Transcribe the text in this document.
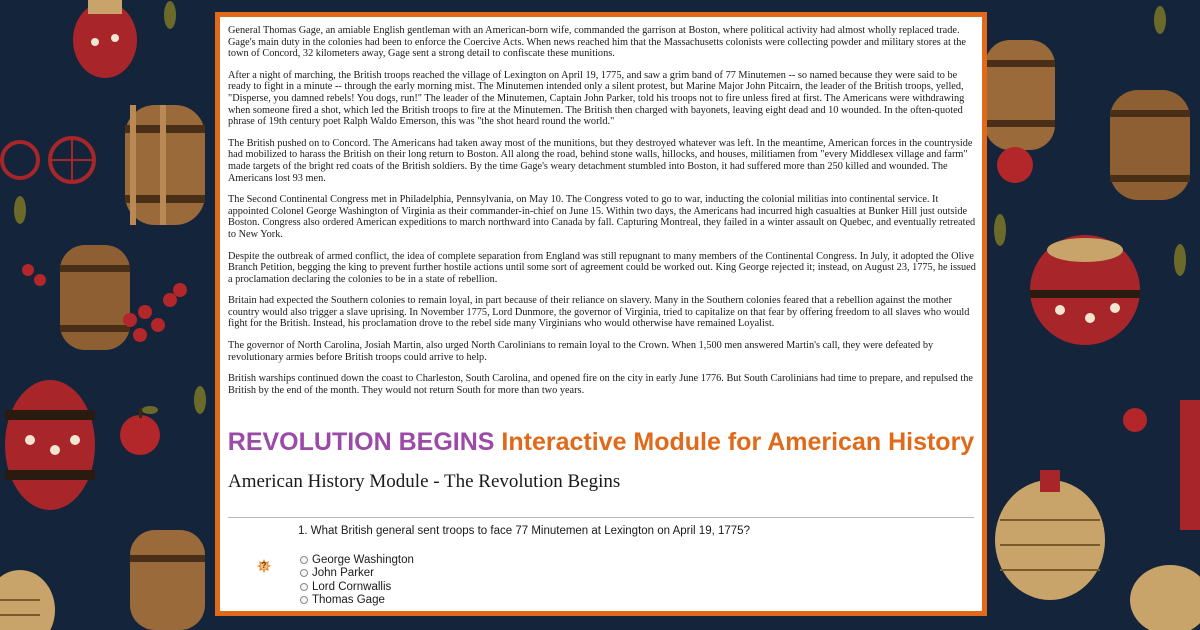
General Thomas Gage, an amiable English gentleman with an American-born wife, commanded the garrison at Boston, where political activity had almost wholly replaced trade. Gage's main duty in the colonies had been to enforce the Coercive Acts. When news reached him that the Massachusetts colonists were collecting powder and military stores at the town of Concord, 32 kilometers away, Gage sent a strong detail to confiscate these munitions.

After a night of marching, the British troops reached the village of Lexington on April 19, 1775, and saw a grim band of 77 Minutemen -- so named because they were said to be ready to fight in a minute -- through the early morning mist. The Minutemen intended only a silent protest, but Marine Major John Pitcairn, the leader of the British troops, yelled, "Disperse, you damned rebels! You dogs, run!" The leader of the Minutemen, Captain John Parker, told his troops not to fire unless fired at first. The Americans were withdrawing when someone fired a shot, which led the British troops to fire at the Minutemen. The British then charged with bayonets, leaving eight dead and 10 wounded. In the often-quoted phrase of 19th century poet Ralph Waldo Emerson, this was "the shot heard round the world."

The British pushed on to Concord. The Americans had taken away most of the munitions, but they destroyed whatever was left. In the meantime, American forces in the countryside had mobilized to harass the British on their long return to Boston. All along the road, behind stone walls, hillocks, and houses, militiamen from "every Middlesex village and farm" made targets of the bright red coats of the British soldiers. By the time Gage's weary detachment stumbled into Boston, it had suffered more than 250 killed and wounded. The Americans lost 93 men.

The Second Continental Congress met in Philadelphia, Pennsylvania, on May 10. The Congress voted to go to war, inducting the colonial militias into continental service. It appointed Colonel George Washington of Virginia as their commander-in-chief on June 15. Within two days, the Americans had incurred high casualties at Bunker Hill just outside Boston. Congress also ordered American expeditions to march northward into Canada by fall. Capturing Montreal, they failed in a winter assault on Quebec, and eventually retreated to New York.

Despite the outbreak of armed conflict, the idea of complete separation from England was still repugnant to many members of the Continental Congress. In July, it adopted the Olive Branch Petition, begging the king to prevent further hostile actions until some sort of agreement could be worked out. King George rejected it; instead, on August 23, 1775, he issued a proclamation declaring the colonies to be in a state of rebellion.

Britain had expected the Southern colonies to remain loyal, in part because of their reliance on slavery. Many in the Southern colonies feared that a rebellion against the mother country would also trigger a slave uprising. In November 1775, Lord Dunmore, the governor of Virginia, tried to capitalize on that fear by offering freedom to all slaves who would fight for the British. Instead, his proclamation drove to the rebel side many Virginians who would otherwise have remained Loyalist.

The governor of North Carolina, Josiah Martin, also urged North Carolinians to remain loyal to the Crown. When 1,500 men answered Martin's call, they were defeated by revolutionary armies before British troops could arrive to help.

British warships continued down the coast to Charleston, South Carolina, and opened fire on the city in early June 1776. But South Carolinians had time to prepare, and repulsed the British by the end of the month. They would not return South for more than two years.

REVOLUTION BEGINS Interactive Module for American History
American History Module - The Revolution Begins
1. What British general sent troops to face 77 Minutemen at Lexington on April 19, 1775?
?	George Washington
John Parker
Lord Cornwallis
Thomas Gage
